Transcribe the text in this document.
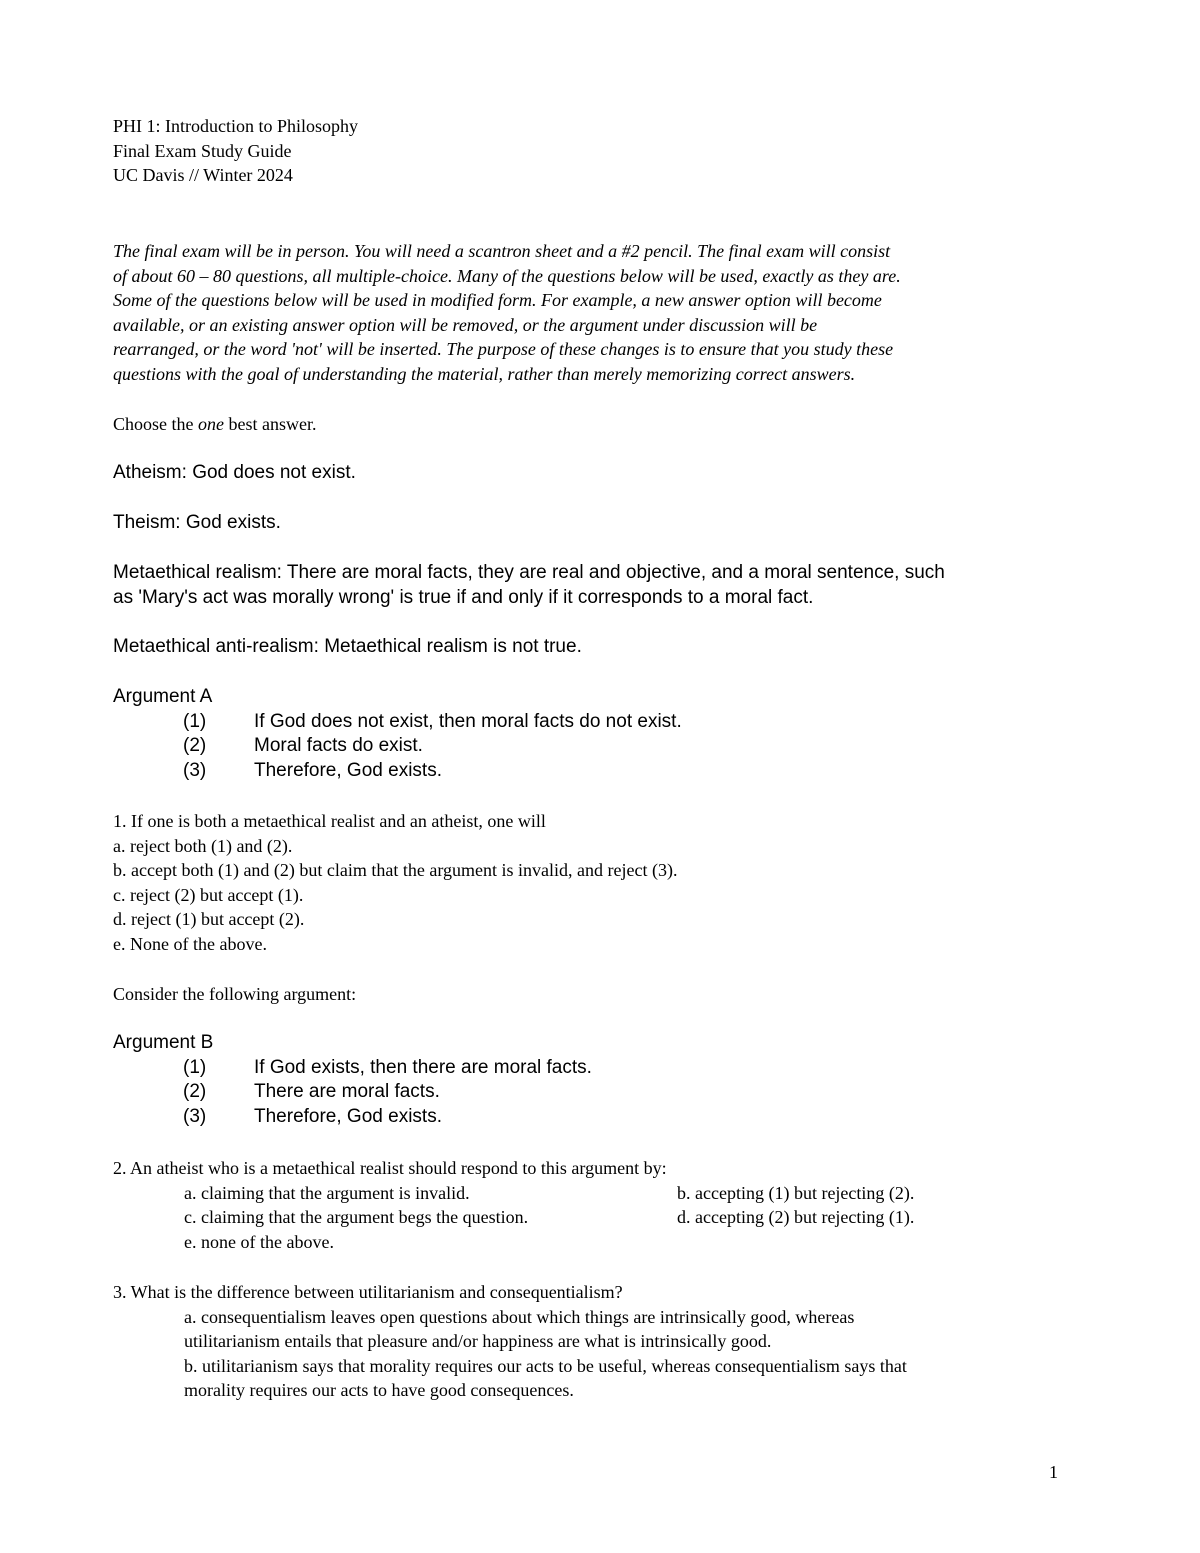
PHI 1: Introduction to Philosophy
Final Exam Study Guide
UC Davis // Winter 2024
The final exam will be in person. You will need a scantron sheet and a #2 pencil. The final exam will consist
of about 60 – 80 questions, all multiple-choice. Many of the questions below will be used, exactly as they are.
Some of the questions below will be used in modified form. For example, a new answer option will become
available, or an existing answer option will be removed, or the argument under discussion will be
rearranged, or the word 'not' will be inserted. The purpose of these changes is to ensure that you study these
questions with the goal of understanding the material, rather than merely memorizing correct answers.
Choose the one best answer.
Atheism: God does not exist.
Theism: God exists.
Metaethical realism: There are moral facts, they are real and objective, and a moral sentence, such
as 'Mary's act was morally wrong' is true if and only if it corresponds to a moral fact.
Metaethical anti-realism: Metaethical realism is not true.
Argument A
(1)	If God does not exist, then moral facts do not exist.
(2)	Moral facts do exist.
(3)	Therefore, God exists.
1. If one is both a metaethical realist and an atheist, one will
a. reject both (1) and (2).
b. accept both (1) and (2) but claim that the argument is invalid, and reject (3).
c. reject (2) but accept (1).
d. reject (1) but accept (2).
e. None of the above.
Consider the following argument:
Argument B
(1)	If God exists, then there are moral facts.
(2)	There are moral facts.
(3)	Therefore, God exists.
2. An atheist who is a metaethical realist should respond to this argument by:
a. claiming that the argument is invalid.	b. accepting (1) but rejecting (2).
c. claiming that the argument begs the question.	d. accepting (2) but rejecting (1).
e. none of the above.
3. What is the difference between utilitarianism and consequentialism?
a. consequentialism leaves open questions about which things are intrinsically good, whereas
utilitarianism entails that pleasure and/or happiness are what is intrinsically good.
b. utilitarianism says that morality requires our acts to be useful, whereas consequentialism says that
morality requires our acts to have good consequences.
1
